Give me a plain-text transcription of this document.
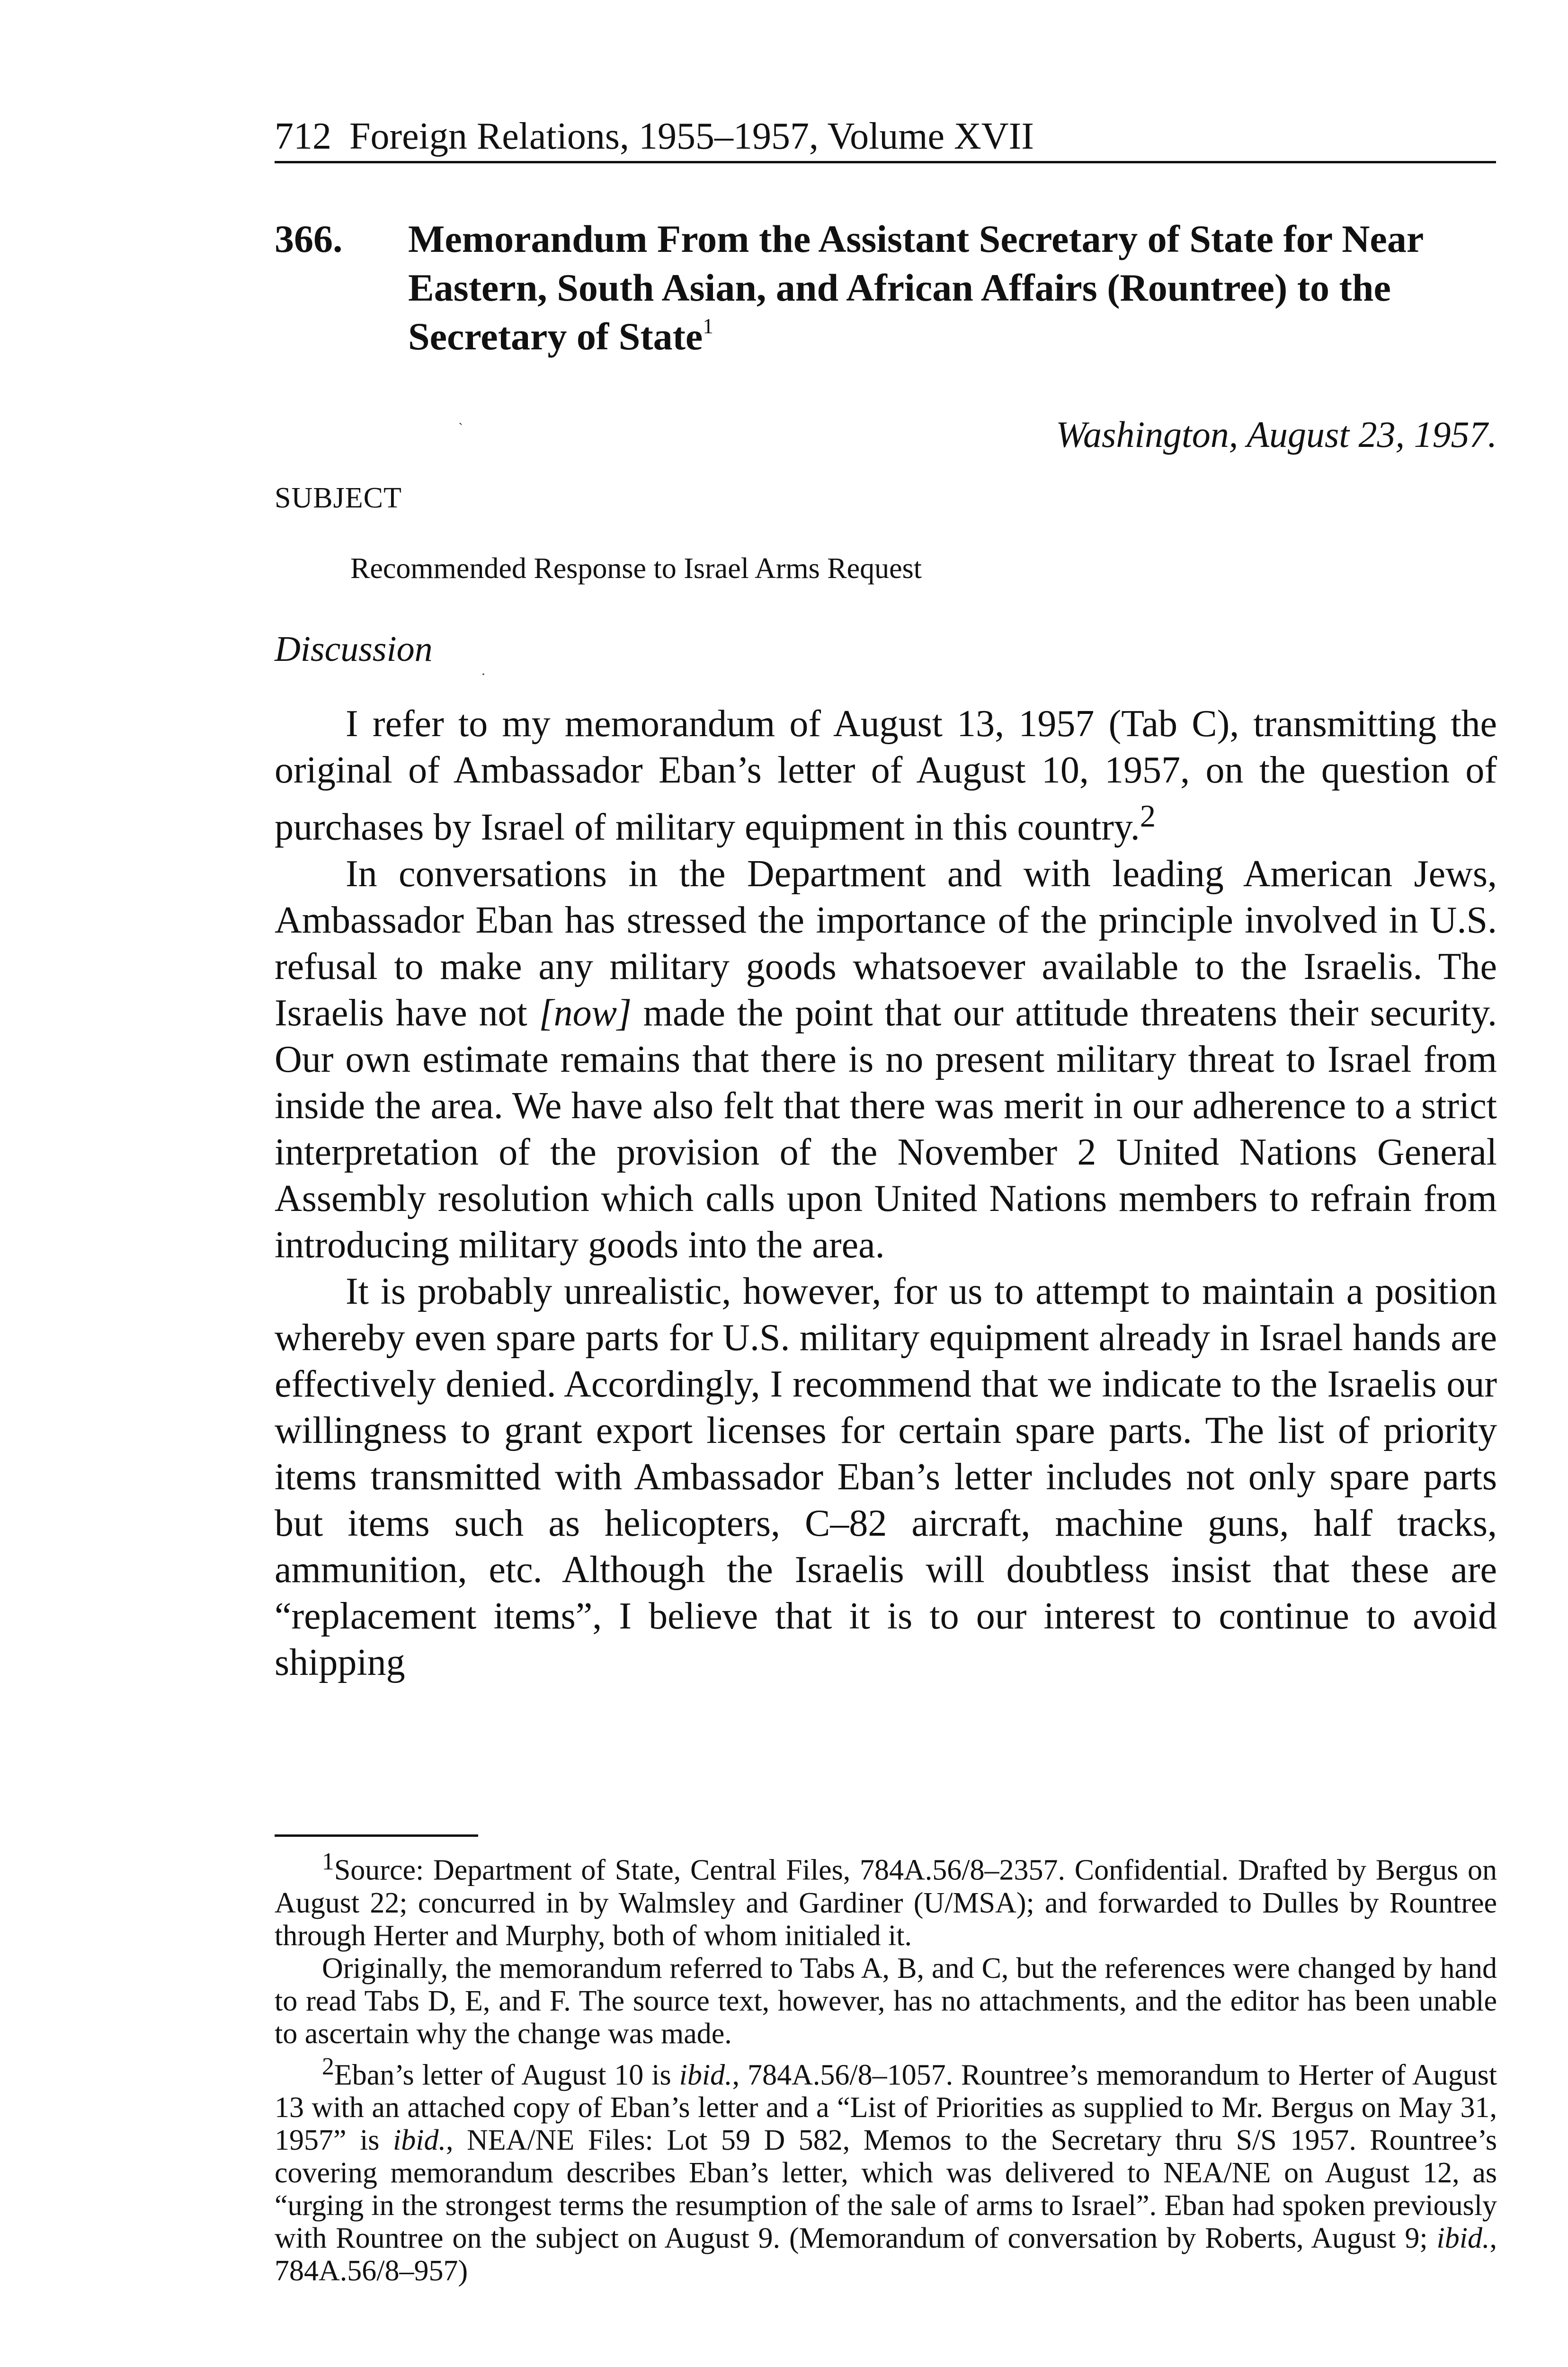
712 Foreign Relations, 1955–1957, Volume XVII
366. Memorandum From the Assistant Secretary of State for Near Eastern, South Asian, and African Affairs (Rountree) to the Secretary of State$^1$
ˋ	Washington, August 23, 1957.
SUBJECT
Recommended Response to Israel Arms Request
Discussion
·

I refer to my memorandum of August 13, 1957 (Tab C), transmitting the original of Ambassador Eban’s letter of August 10, 1957, on the question of purchases by Israel of military equipment in this country.$^2$

In conversations in the Department and with leading American Jews, Ambassador Eban has stressed the importance of the principle involved in U.S. refusal to make any military goods whatsoever available to the Israelis. The Israelis have not [now] made the point that our attitude threatens their security. Our own estimate remains that there is no present military threat to Israel from inside the area. We have also felt that there was merit in our adherence to a strict interpretation of the provision of the November 2 United Nations General Assembly resolution which calls upon United Nations members to refrain from introducing military goods into the area.

It is probably unrealistic, however, for us to attempt to maintain a position whereby even spare parts for U.S. military equipment already in Israel hands are effectively denied. Accordingly, I recommend that we indicate to the Israelis our willingness to grant export licenses for certain spare parts. The list of priority items transmitted with Ambassador Eban’s letter includes not only spare parts but items such as helicopters, C–82 aircraft, machine guns, half tracks, ammunition, etc. Although the Israelis will doubtless insist that these are “replacement items”, I believe that it is to our interest to continue to avoid shipping

$^1$Source: Department of State, Central Files, 784A.56/8–2357. Confidential. Drafted by Bergus on August 22; concurred in by Walmsley and Gardiner (U/MSA); and forwarded to Dulles by Rountree through Herter and Murphy, both of whom initialed it.

Originally, the memorandum referred to Tabs A, B, and C, but the references were changed by hand to read Tabs D, E, and F. The source text, however, has no attachments, and the editor has been unable to ascertain why the change was made.

$^2$Eban’s letter of August 10 is ibid., 784A.56/8–1057. Rountree’s memorandum to Herter of August 13 with an attached copy of Eban’s letter and a “List of Priorities as supplied to Mr. Bergus on May 31, 1957” is ibid., NEA/NE Files: Lot 59 D 582, Memos to the Secretary thru S/S 1957. Rountree’s covering memorandum describes Eban’s letter, which was delivered to NEA/NE on August 12, as “urging in the strongest terms the resumption of the sale of arms to Israel”. Eban had spoken previously with Rountree on the subject on August 9. (Memorandum of conversation by Roberts, August 9; ibid., 784A.56/8–957)
